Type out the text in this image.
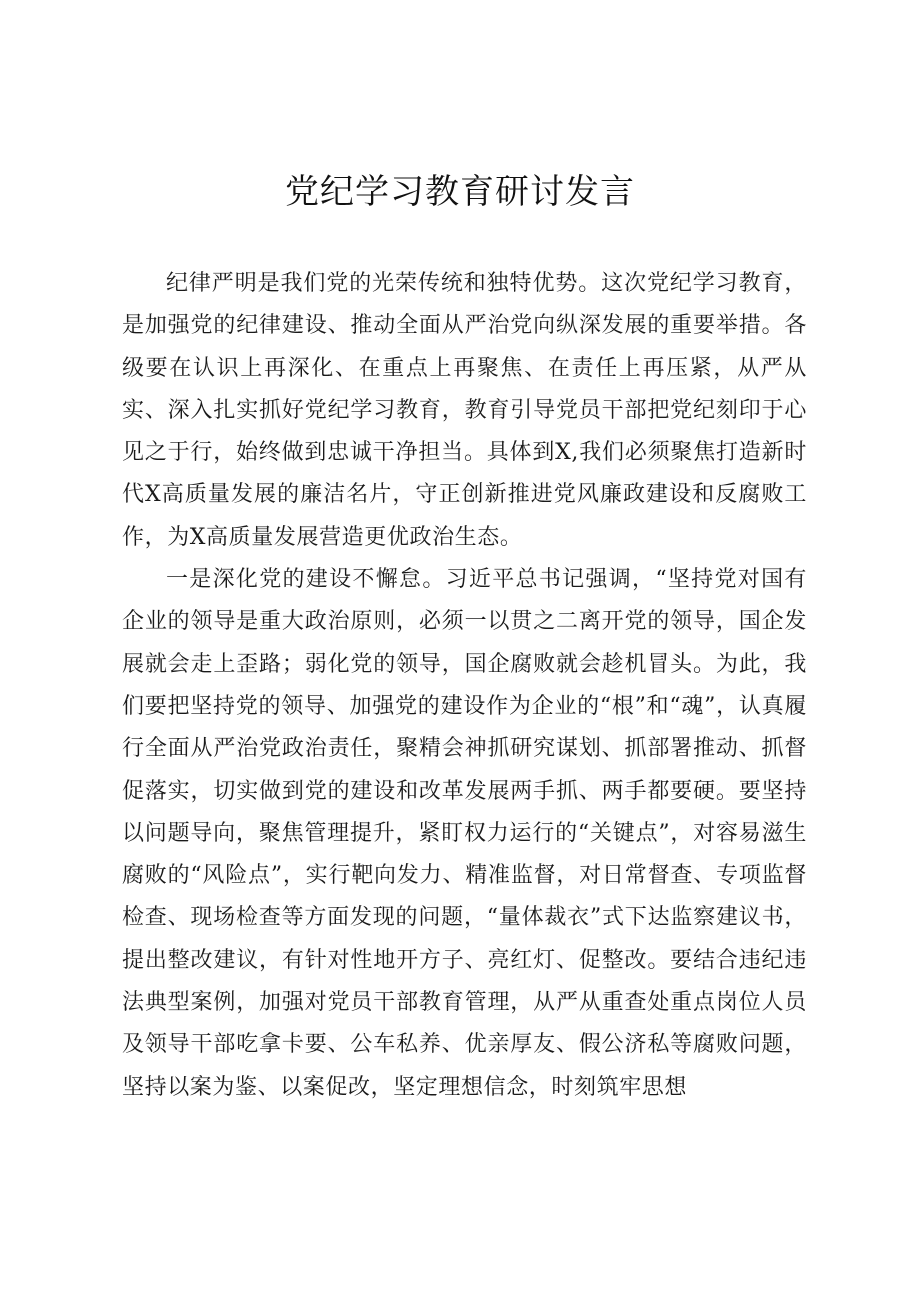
党纪学习教育研讨发言

纪律严明是我们党的光荣传统和独特优势。这次党纪学习教育，是加强党的纪律建设、推动全面从严治党向纵深发展的重要举措。各级要在认识上再深化、在重点上再聚焦、在责任上再压紧，从严从实、深入扎实抓好党纪学习教育，教育引导党员干部把党纪刻印于心见之于行，始终做到忠诚干净担当。具体到X,我们必须聚焦打造新时代X高质量发展的廉洁名片，守正创新推进党风廉政建设和反腐败工作，为X高质量发展营造更优政治生态。

一是深化党的建设不懈怠。习近平总书记强调，“坚持党对国有企业的领导是重大政治原则，必须一以贯之二离开党的领导，国企发展就会走上歪路；弱化党的领导，国企腐败就会趁机冒头。为此，我们要把坚持党的领导、加强党的建设作为企业的“根”和“魂”，认真履行全面从严治党政治责任，聚精会神抓研究谋划、抓部署推动、抓督促落实，切实做到党的建设和改革发展两手抓、两手都要硬。要坚持以问题导向，聚焦管理提升，紧盯权力运行的“关键点”，对容易滋生腐败的“风险点”，实行靶向发力、精准监督，对日常督查、专项监督检查、现场检查等方面发现的问题，“量体裁衣”式下达监察建议书，提出整改建议，有针对性地开方子、亮红灯、促整改。要结合违纪违法典型案例，加强对党员干部教育管理，从严从重查处重点岗位人员及领导干部吃拿卡要、公车私养、优亲厚友、假公济私等腐败问题，坚持以案为鉴、以案促改，坚定理想信念，时刻筑牢思想
